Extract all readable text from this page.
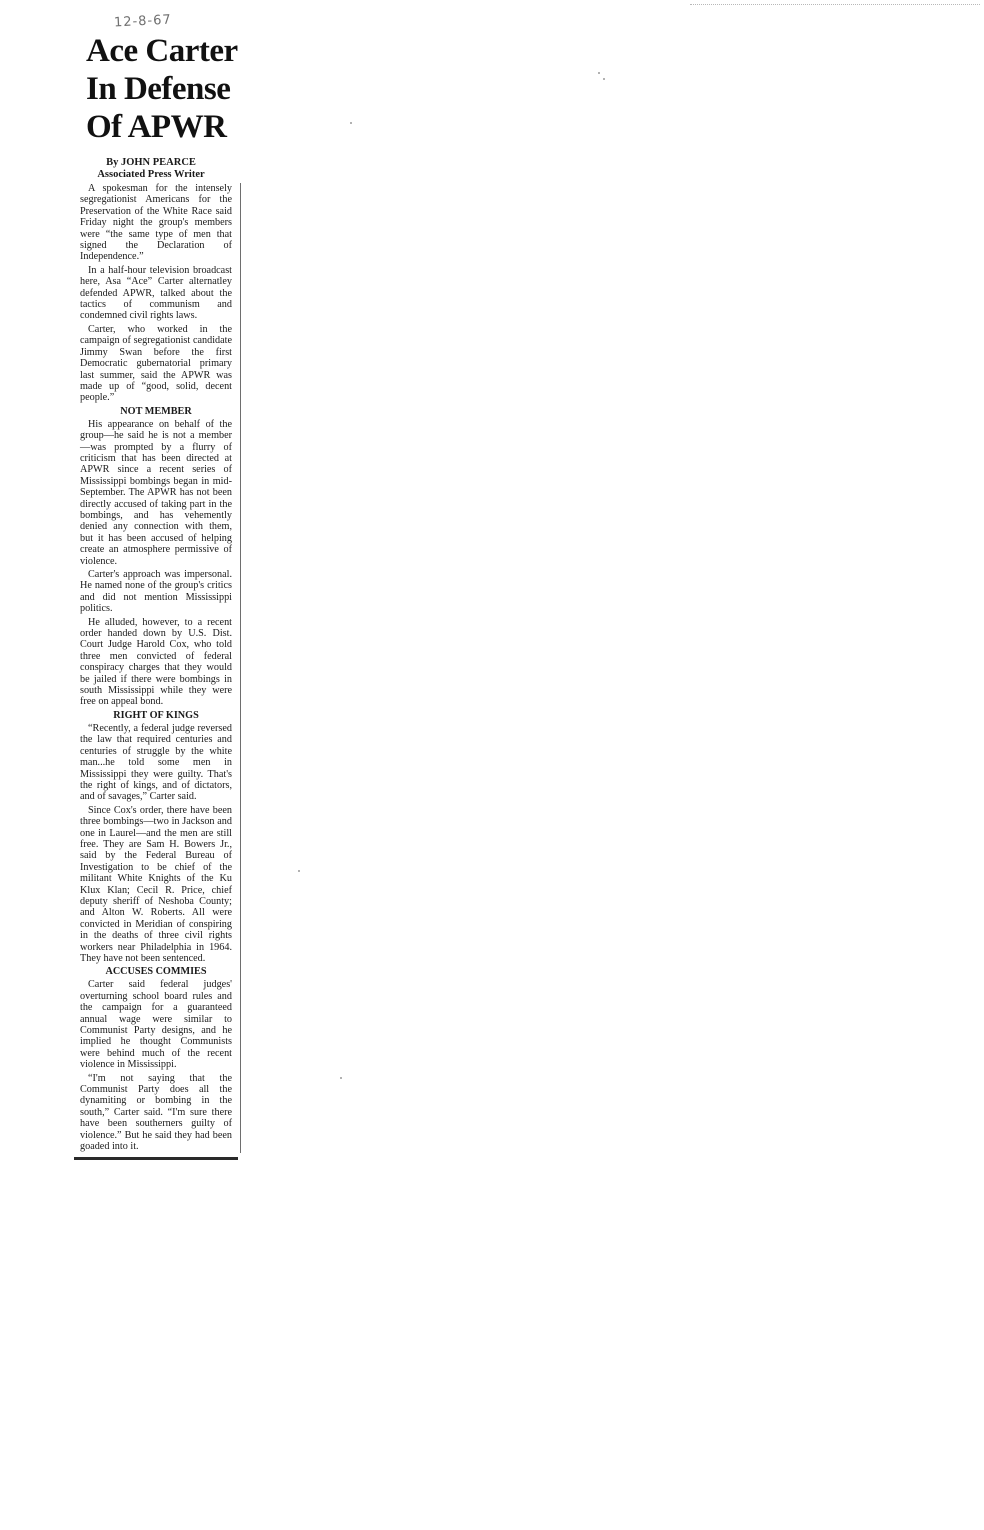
12-8-67
Ace Carter
In Defense
Of APWR
By JOHN PEARCE
Associated Press Writer

A spokesman for the intensely segregationist Americans for the Preservation of the White Race said Friday night the group's members were “the same type of men that signed the Declaration of Independence.”

In a half-hour television broadcast here, Asa “Ace” Carter alternatley defended APWR, talked about the tactics of communism and condemned civil rights laws.

Carter, who worked in the campaign of segregationist candidate Jimmy Swan before the first Democratic gubernatorial primary last summer, said the APWR was made up of “good, solid, decent people.”

NOT MEMBER

His appearance on behalf of the group—he said he is not a member—was prompted by a flurry of criticism that has been directed at APWR since a recent series of Mississippi bombings began in mid-September. The APWR has not been directly accused of taking part in the bombings, and has vehemently denied any connection with them, but it has been accused of helping create an atmosphere permissive of violence.

Carter's approach was impersonal. He named none of the group's critics and did not mention Mississippi politics.

He alluded, however, to a recent order handed down by U.S. Dist. Court Judge Harold Cox, who told three men convicted of federal conspiracy charges that they would be jailed if there were bombings in south Mississippi while they were free on appeal bond.

RIGHT OF KINGS

“Recently, a federal judge reversed the law that required centuries and centuries of struggle by the white man...he told some men in Mississippi they were guilty. That's the right of kings, and of dictators, and of savages,” Carter said.

Since Cox's order, there have been three bombings—two in Jackson and one in Laurel—and the men are still free. They are Sam H. Bowers Jr., said by the Federal Bureau of Investigation to be chief of the militant White Knights of the Ku Klux Klan; Cecil R. Price, chief deputy sheriff of Neshoba County; and Alton W. Roberts. All were convicted in Meridian of conspiring in the deaths of three civil rights workers near Philadelphia in 1964. They have not been sentenced.

ACCUSES COMMIES

Carter said federal judges' overturning school board rules and the campaign for a guaranteed annual wage were similar to Communist Party designs, and he implied he thought Communists were behind much of the recent violence in Mississippi.

“I'm not saying that the Communist Party does all the dynamiting or bombing in the south,” Carter said. “I'm sure there have been southerners guilty of violence.” But he said they had been goaded into it.
